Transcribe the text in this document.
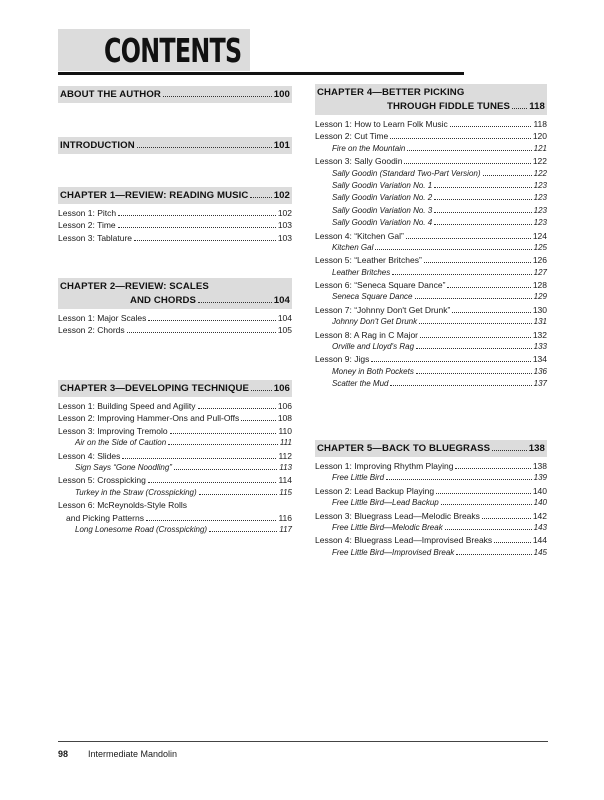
CONTENTS
ABOUT THE AUTHOR	100
INTRODUCTION	101
CHAPTER 1—REVIEW: READING MUSIC	102
Lesson 1: Pitch	102
Lesson 2: Time	103
Lesson 3: Tablature	103
CHAPTER 2—REVIEW: SCALES
AND CHORDS	104
Lesson 1: Major Scales	104
Lesson 2: Chords	105
CHAPTER 3—DEVELOPING TECHNIQUE	106
Lesson 1: Building Speed and Agility	106
Lesson 2: Improving Hammer-Ons and Pull-Offs	108
Lesson 3: Improving Tremolo	110
Air on the Side of Caution	111
Lesson 4: Slides	112
Sign Says “Gone Noodling”	113
Lesson 5: Crosspicking	114
Turkey in the Straw (Crosspicking)	115
Lesson 6: McReynolds-Style Rolls
and Picking Patterns	116
Long Lonesome Road (Crosspicking)	117
CHAPTER 4—BETTER PICKING
THROUGH FIDDLE TUNES 118
Lesson 1: How to Learn Folk Music	118
Lesson 2: Cut Time	120
Fire on the Mountain	121
Lesson 3: Sally Goodin	122
Sally Goodin (Standard Two-Part Version)	122
Sally Goodin Variation No. 1	123
Sally Goodin Variation No. 2	123
Sally Goodin Variation No. 3	123
Sally Goodin Variation No. 4	123
Lesson 4: “Kitchen Gal”	124
Kitchen Gal	125
Lesson 5: “Leather Britches”	126
Leather Britches	127
Lesson 6: “Seneca Square Dance”	128
Seneca Square Dance	129
Lesson 7: “Johnny Don't Get Drunk”	130
Johnny Don't Get Drunk	131
Lesson 8: A Rag in C Major	132
Orville and Lloyd's Rag	133
Lesson 9: Jigs	134
Money in Both Pockets	136
Scatter the Mud	137
CHAPTER 5—BACK TO BLUEGRASS	138
Lesson 1: Improving Rhythm Playing	138
Free Little Bird	139
Lesson 2: Lead Backup Playing	140
Free Little Bird—Lead Backup	140
Lesson 3: Bluegrass Lead—Melodic Breaks	142
Free Little Bird—Melodic Break	143
Lesson 4: Bluegrass Lead—Improvised Breaks	144
Free Little Bird—Improvised Break	145
98 Intermediate Mandolin
